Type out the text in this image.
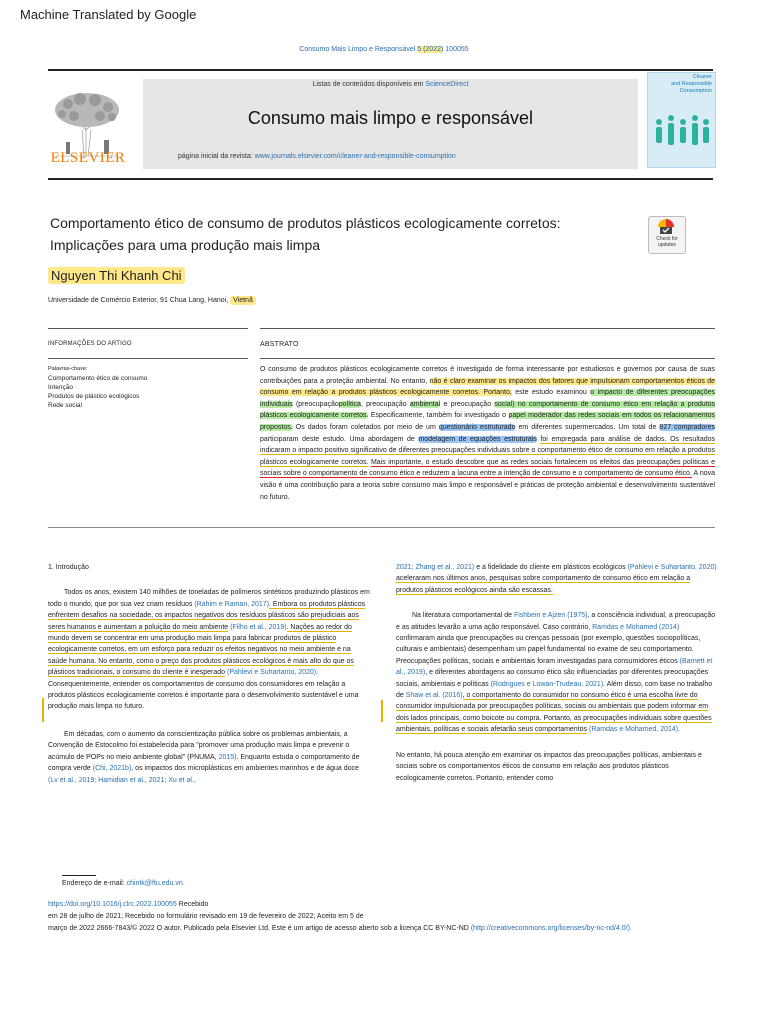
Machine Translated by Google
Consumo Mais Limpo e Responsável 5 (2022) 100055
ELSEVIER
Listas de conteúdos disponíveis em ScienceDirect
Consumo mais limpo e responsável
página inicial da revista: www.journals.elsevier.com/cleaner-and-responsible-consumption
Cleaner
and Responsible
Consumption
Comportamento ético de consumo de produtos plásticos ecologicamente corretos:
Implicações para uma produção mais limpa	Check for
updates
Nguyen Thi Khanh Chi
Universidade de Comércio Exterior, 91 Chua Lang, Hanoi, Vietnã
INFORMAÇÕES DO ARTIGO	ABSTRATO
Palavras-chave:
Comportamento ético de consumo
Intenção
Produtos de plástico ecológicos
Rede social
O consumo de produtos plásticos ecologicamente corretos é investigado de forma interessante por estudiosos e governos por causa de suas contribuições para a proteção ambiental. No entanto, não é claro examinar os impactos dos fatores que impulsionam comportamentos éticos de consumo em relação a produtos plásticos ecologicamente corretos. Portanto, este estudo examinou o impacto de diferentes preocupações individuais (preocupaçãopolítica, preocupação ambiental e preocupação social) no comportamento de consumo ético em relação a produtos plásticos ecologicamente corretos. Especificamente, também foi investigado o papel moderador das redes sociais em todos os relacionamentos propostos. Os dados foram coletados por meio de um questionário estruturado em diferentes supermercados. Um total de 927 compradores participaram deste estudo. Uma abordagem de modelagem de equações estruturais foi empregada para análise de dados. Os resultados indicaram o impacto positivo significativo de diferentes preocupações individuais sobre o comportamento ético de consumo em relação a produtos plásticos ecologicamente corretos. Mais importante, o estudo descobre que as redes sociais fortalecem os efeitos das preocupações políticas e sociais sobre o comportamento de consumo ético e reduzem a lacuna entre a intenção de consumo e o comportamento de consumo ético. A nova visão é uma contribuição para a teoria sobre consumo mais limpo e responsável e práticas de proteção ambiental e desenvolvimento sustentável no futuro.

1. Introdução

Todos os anos, existem 140 milhões de toneladas de polímeros sintéticos produzindo plásticos em todo o mundo, que por sua vez criam resíduos (Rahim e Raman, 2017). Embora os produtos plásticos enfrentem desafios na sociedade, os impactos negativos dos resíduos plásticos são prejudiciais aos seres humanos e aumentam a poluição do meio ambiente (Filho et al., 2019). Nações ao redor do mundo devem se concentrar em uma produção mais limpa para fabricar produtos de plástico ecologicamente corretos, em um esforço para reduzir os efeitos negativos no meio ambiente e na saúde humana. No entanto, como o preço dos produtos plásticos ecológicos é mais alto do que os plásticos tradicionais, o consumo do cliente é inesperado (Pahlevi e Suhartanto, 2020). Consequentemente, entender os comportamentos de consumo dos consumidores em relação a produtos plásticos ecologicamente corretos é importante para o desenvolvimento sustentável e uma produção mais limpa no futuro.

Em décadas, com o aumento da conscientização pública sobre os problemas ambientais, a Convenção de Estocolmo foi estabelecida para "promover uma produção mais limpa e prevenir o acúmulo de POPs no meio ambiente global" (PNUMA, 2015). Enquanto estuda o comportamento de compra verde (Chi, 2021b), os impactos dos microplásticos em ambientes marinhos e de água doce (Lv et al., 2019; Hamidian et al., 2021; Xu et al.,

2021; Zhang et al., 2021) e a fidelidade do cliente em plásticos ecológicos (Pahlevi e Suhartanto, 2020) aceleraram nos últimos anos, pesquisas sobre comportamento de consumo ético em relação a produtos plásticos ecológicos ainda são escassas.

Na literatura comportamental de Fishbein e Ajzen (1975), a consciência individual, a preocupação e as atitudes levarão a uma ação responsável. Caso contrário, Ramdas e Mohamed (2014) confirmaram ainda que preocupações ou crenças pessoais (por exemplo, questões sociopolíticas, culturais e ambientais) desempenham um papel fundamental no exame de seu comportamento. Preocupações políticas, sociais e ambientais foram investigadas para consumidores éticos (Barnett et al., 2019), e diferentes abordagens ao consumo ético são influenciadas por diferentes preocupações sociais, ambientais e políticas (Rodrigues e Lowan-Trudeau, 2021). Além disso, com base no trabalho de Shaw et al. (2016), o comportamento do consumidor no consumo ético é uma escolha livre do consumidor impulsionada por preocupações políticas, sociais ou ambientais que podem informar em dois lados principais, como boicote ou compra. Portanto, as preocupações individuais sobre questões ambientais, políticas e sociais afetarão seus comportamentos (Ramdas e Mohamed, 2014).

No entanto, há pouca atenção em examinar os impactos das preocupações políticas, ambientais e sociais sobre os comportamentos éticos de consumo em relação aos produtos plásticos ecologicamente corretos. Portanto, entender como

Endereço de e-mail: chintk@ftu.edu.vn.
https://doi.org/10.1016/j.clrc.2022.100055 Recebido
em 28 de julho de 2021; Recebido no formulário revisado em 19 de fevereiro de 2022; Aceito em 5 de
março de 2022 2666-7843/© 2022 O autor. Publicado pela Elsevier Ltd. Este é um artigo de acesso aberto sob a licença CC BY-NC-ND (http://creativecommons.org/licenses/by-nc-nd/4.0/).
